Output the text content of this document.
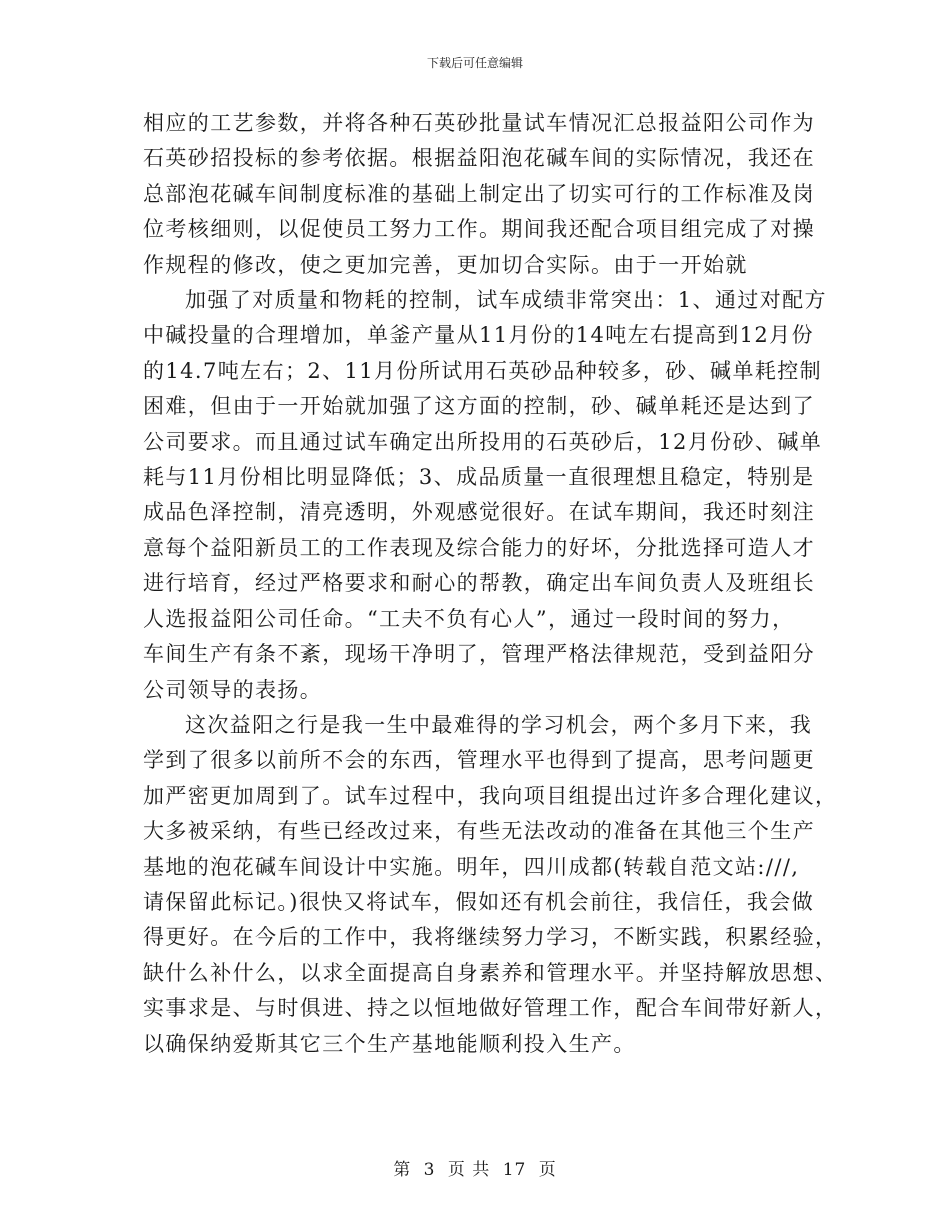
下载后可任意编辑
相应的工艺参数，并将各种石英砂批量试车情况汇总报益阳公司作为
石英砂招投标的参考依据。根据益阳泡花碱车间的实际情况，我还在
总部泡花碱车间制度标准的基础上制定出了切实可行的工作标准及岗
位考核细则，以促使员工努力工作。期间我还配合项目组完成了对操
作规程的修改，使之更加完善，更加切合实际。由于一开始就
加强了对质量和物耗的控制，试车成绩非常突出：1、通过对配方
中碱投量的合理增加，单釜产量从11月份的14吨左右提高到12月份
的14.7吨左右；2、11月份所试用石英砂品种较多，砂、碱单耗控制
困难，但由于一开始就加强了这方面的控制，砂、碱单耗还是达到了
公司要求。而且通过试车确定出所投用的石英砂后，12月份砂、碱单
耗与11月份相比明显降低；3、成品质量一直很理想且稳定，特别是
成品色泽控制，清亮透明，外观感觉很好。在试车期间，我还时刻注
意每个益阳新员工的工作表现及综合能力的好坏，分批选择可造人才
进行培育，经过严格要求和耐心的帮教，确定出车间负责人及班组长
人选报益阳公司任命。“工夫不负有心人”，通过一段时间的努力，
车间生产有条不紊，现场干净明了，管理严格法律规范，受到益阳分
公司领导的表扬。
这次益阳之行是我一生中最难得的学习机会，两个多月下来，我
学到了很多以前所不会的东西，管理水平也得到了提高，思考问题更
加严密更加周到了。试车过程中，我向项目组提出过许多合理化建议，
大多被采纳，有些已经改过来，有些无法改动的准备在其他三个生产
基地的泡花碱车间设计中实施。明年，四川成都(转载自范文站:///,
请保留此标记。)很快又将试车，假如还有机会前往，我信任，我会做
得更好。在今后的工作中，我将继续努力学习，不断实践，积累经验，
缺什么补什么，以求全面提高自身素养和管理水平。并坚持解放思想、
实事求是、与时俱进、持之以恒地做好管理工作，配合车间带好新人，
以确保纳爱斯其它三个生产基地能顺利投入生产。
第 3 页 共 17 页
